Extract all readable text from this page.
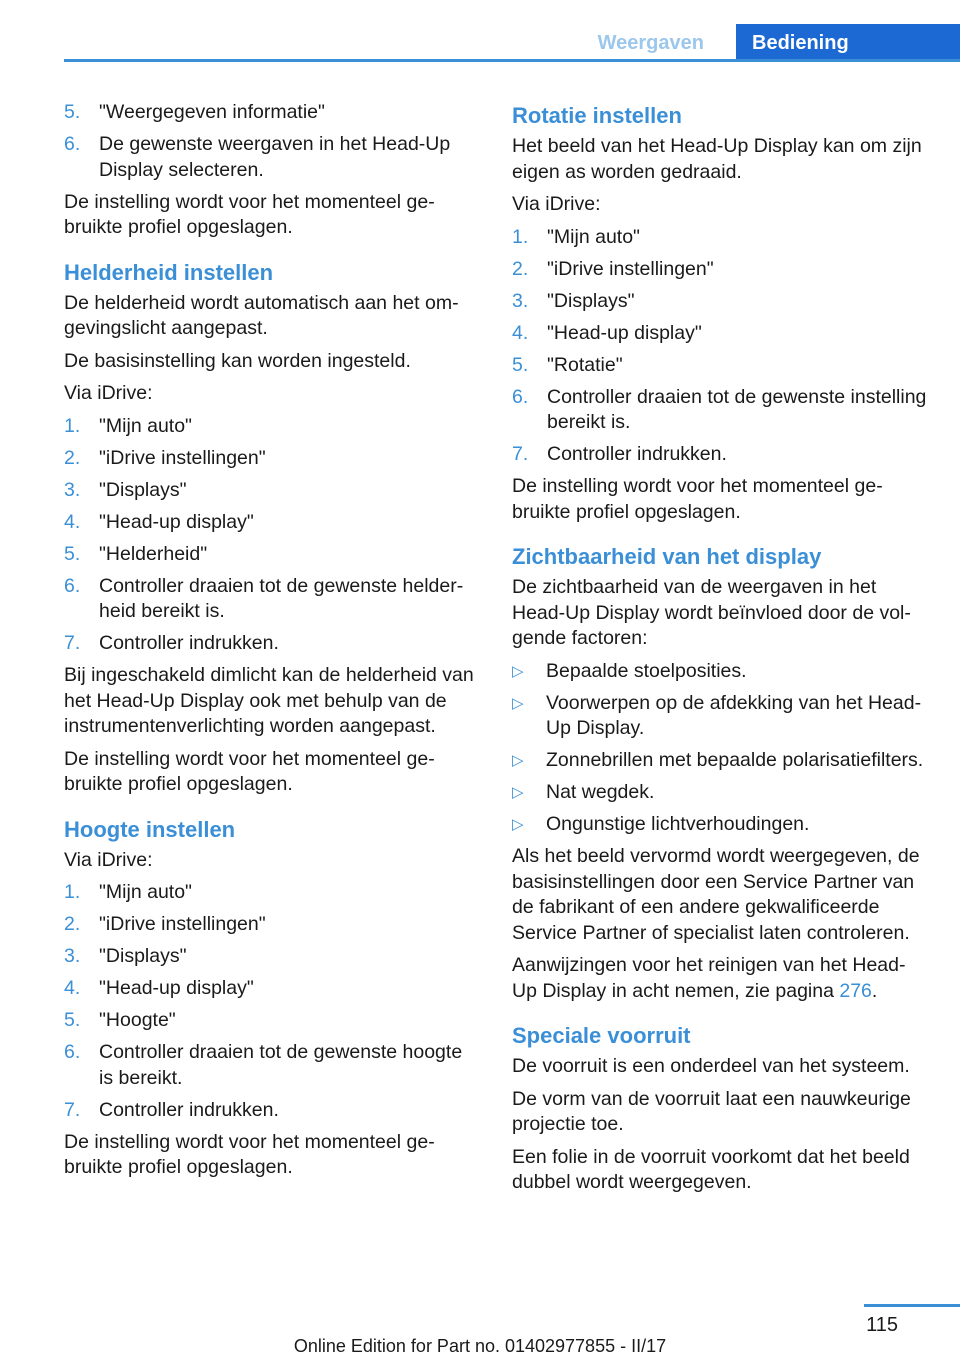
Weergaven	Bediening
5. "Weergegeven informatie"
6. De gewenste weergaven in het Head-Up Display selecteren.

De instelling wordt voor het momenteel gebruikte profiel opgeslagen.

Helderheid instellen

De helderheid wordt automatisch aan het omgevingslicht aangepast.

De basisinstelling kan worden ingesteld.

Via iDrive:

1. "Mijn auto"
2. "iDrive instellingen"
3. "Displays"
4. "Head-up display"
5. "Helderheid"
6. Controller draaien tot de gewenste helderheid bereikt is.
7. Controller indrukken.

Bij ingeschakeld dimlicht kan de helderheid van het Head-Up Display ook met behulp van de instrumentenverlichting worden aangepast.

De instelling wordt voor het momenteel gebruikte profiel opgeslagen.

Hoogte instellen

Via iDrive:

1. "Mijn auto"
2. "iDrive instellingen"
3. "Displays"
4. "Head-up display"
5. "Hoogte"
6. Controller draaien tot de gewenste hoogte is bereikt.
7. Controller indrukken.

De instelling wordt voor het momenteel gebruikte profiel opgeslagen.

Rotatie instellen

Het beeld van het Head-Up Display kan om zijn eigen as worden gedraaid.

Via iDrive:

1. "Mijn auto"
2. "iDrive instellingen"
3. "Displays"
4. "Head-up display"
5. "Rotatie"
6. Controller draaien tot de gewenste instelling bereikt is.
7. Controller indrukken.

De instelling wordt voor het momenteel gebruikte profiel opgeslagen.

Zichtbaarheid van het display

De zichtbaarheid van de weergaven in het Head-Up Display wordt beïnvloed door de volgende factoren:

▷	Bepaalde stoelposities.
▷	Voorwerpen op de afdekking van het Head-Up Display.
▷	Zonnebrillen met bepaalde polarisatiefilters.
▷	Nat wegdek.
▷	Ongunstige lichtverhoudingen.

Als het beeld vervormd wordt weergegeven, de basisinstellingen door een Service Partner van de fabrikant of een andere gekwalificeerde Service Partner of specialist laten controleren.

Aanwijzingen voor het reinigen van het Head-Up Display in acht nemen, zie pagina 276.

Speciale voorruit

De voorruit is een onderdeel van het systeem.

De vorm van de voorruit laat een nauwkeurige projectie toe.

Een folie in de voorruit voorkomt dat het beeld dubbel wordt weergegeven.

115
Online Edition for Part no. 01402977855 - II/17
